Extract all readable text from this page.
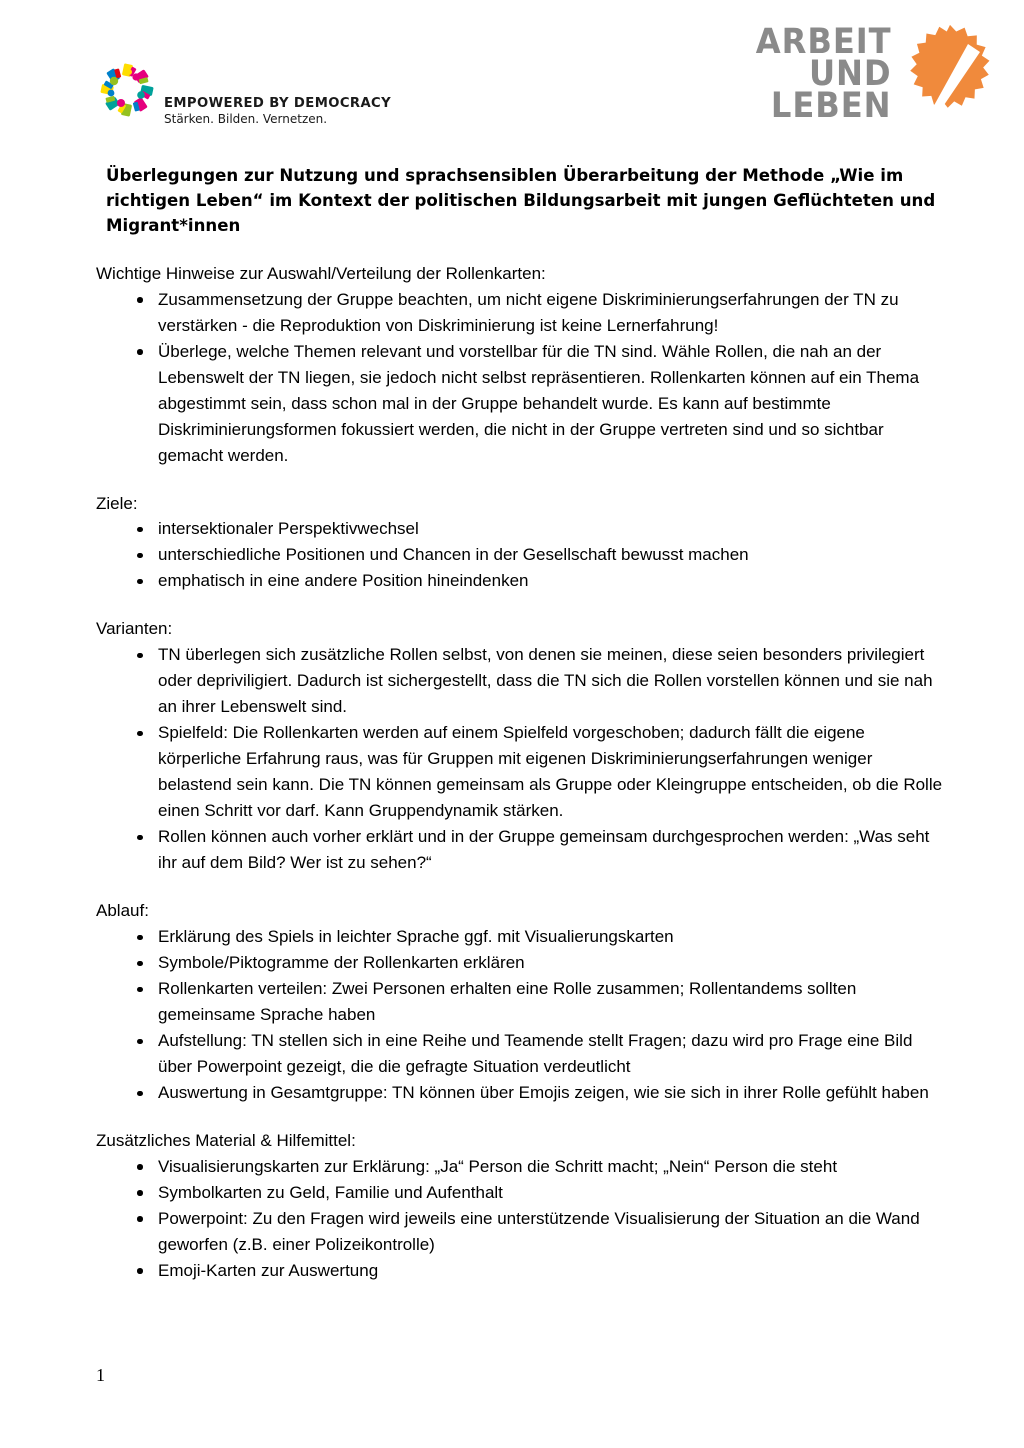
EMPOWERED BY DEMOCRACY
Stärken. Bilden. Vernetzen.
ARBEIT
UND
LEBEN
Überlegungen zur Nutzung und sprachsensiblen Überarbeitung der Methode „Wie im richtigen Leben“ im Kontext der politischen Bildungsarbeit mit jungen Geflüchteten und Migrant*innen

Wichtige Hinweise zur Auswahl/Verteilung der Rollenkarten:

Zusammensetzung der Gruppe beachten, um nicht eigene Diskriminierungserfahrungen der TN zu verstärken - die Reproduktion von Diskriminierung ist keine Lernerfahrung!
Überlege, welche Themen relevant und vorstellbar für die TN sind. Wähle Rollen, die nah an der Lebenswelt der TN liegen, sie jedoch nicht selbst repräsentieren. Rollenkarten können auf ein Thema abgestimmt sein, dass schon mal in der Gruppe behandelt wurde. Es kann auf bestimmte Diskriminierungsformen fokussiert werden, die nicht in der Gruppe vertreten sind und so sichtbar gemacht werden.

Ziele:

intersektionaler Perspektivwechsel
unterschiedliche Positionen und Chancen in der Gesellschaft bewusst machen
emphatisch in eine andere Position hineindenken

Varianten:

TN überlegen sich zusätzliche Rollen selbst, von denen sie meinen, diese seien besonders privilegiert oder depriviligiert. Dadurch ist sichergestellt, dass die TN sich die Rollen vorstellen können und sie nah an ihrer Lebenswelt sind.
Spielfeld: Die Rollenkarten werden auf einem Spielfeld vorgeschoben; dadurch fällt die eigene körperliche Erfahrung raus, was für Gruppen mit eigenen Diskriminierungserfahrungen weniger belastend sein kann. Die TN können gemeinsam als Gruppe oder Kleingruppe entscheiden, ob die Rolle einen Schritt vor darf. Kann Gruppendynamik stärken.
Rollen können auch vorher erklärt und in der Gruppe gemeinsam durchgesprochen werden: „Was seht ihr auf dem Bild? Wer ist zu sehen?“

Ablauf:

Erklärung des Spiels in leichter Sprache ggf. mit Visualierungskarten
Symbole/Piktogramme der Rollenkarten erklären
Rollenkarten verteilen: Zwei Personen erhalten eine Rolle zusammen; Rollentandems sollten gemeinsame Sprache haben
Aufstellung: TN stellen sich in eine Reihe und Teamende stellt Fragen; dazu wird pro Frage eine Bild über Powerpoint gezeigt, die die gefragte Situation verdeutlicht
Auswertung in Gesamtgruppe: TN können über Emojis zeigen, wie sie sich in ihrer Rolle gefühlt haben

Zusätzliches Material & Hilfemittel:

Visualisierungskarten zur Erklärung: „Ja“ Person die Schritt macht; „Nein“ Person die steht
Symbolkarten zu Geld, Familie und Aufenthalt
Powerpoint: Zu den Fragen wird jeweils eine unterstützende Visualisierung der Situation an die Wand geworfen (z.B. einer Polizeikontrolle)
Emoji-Karten zur Auswertung
1
